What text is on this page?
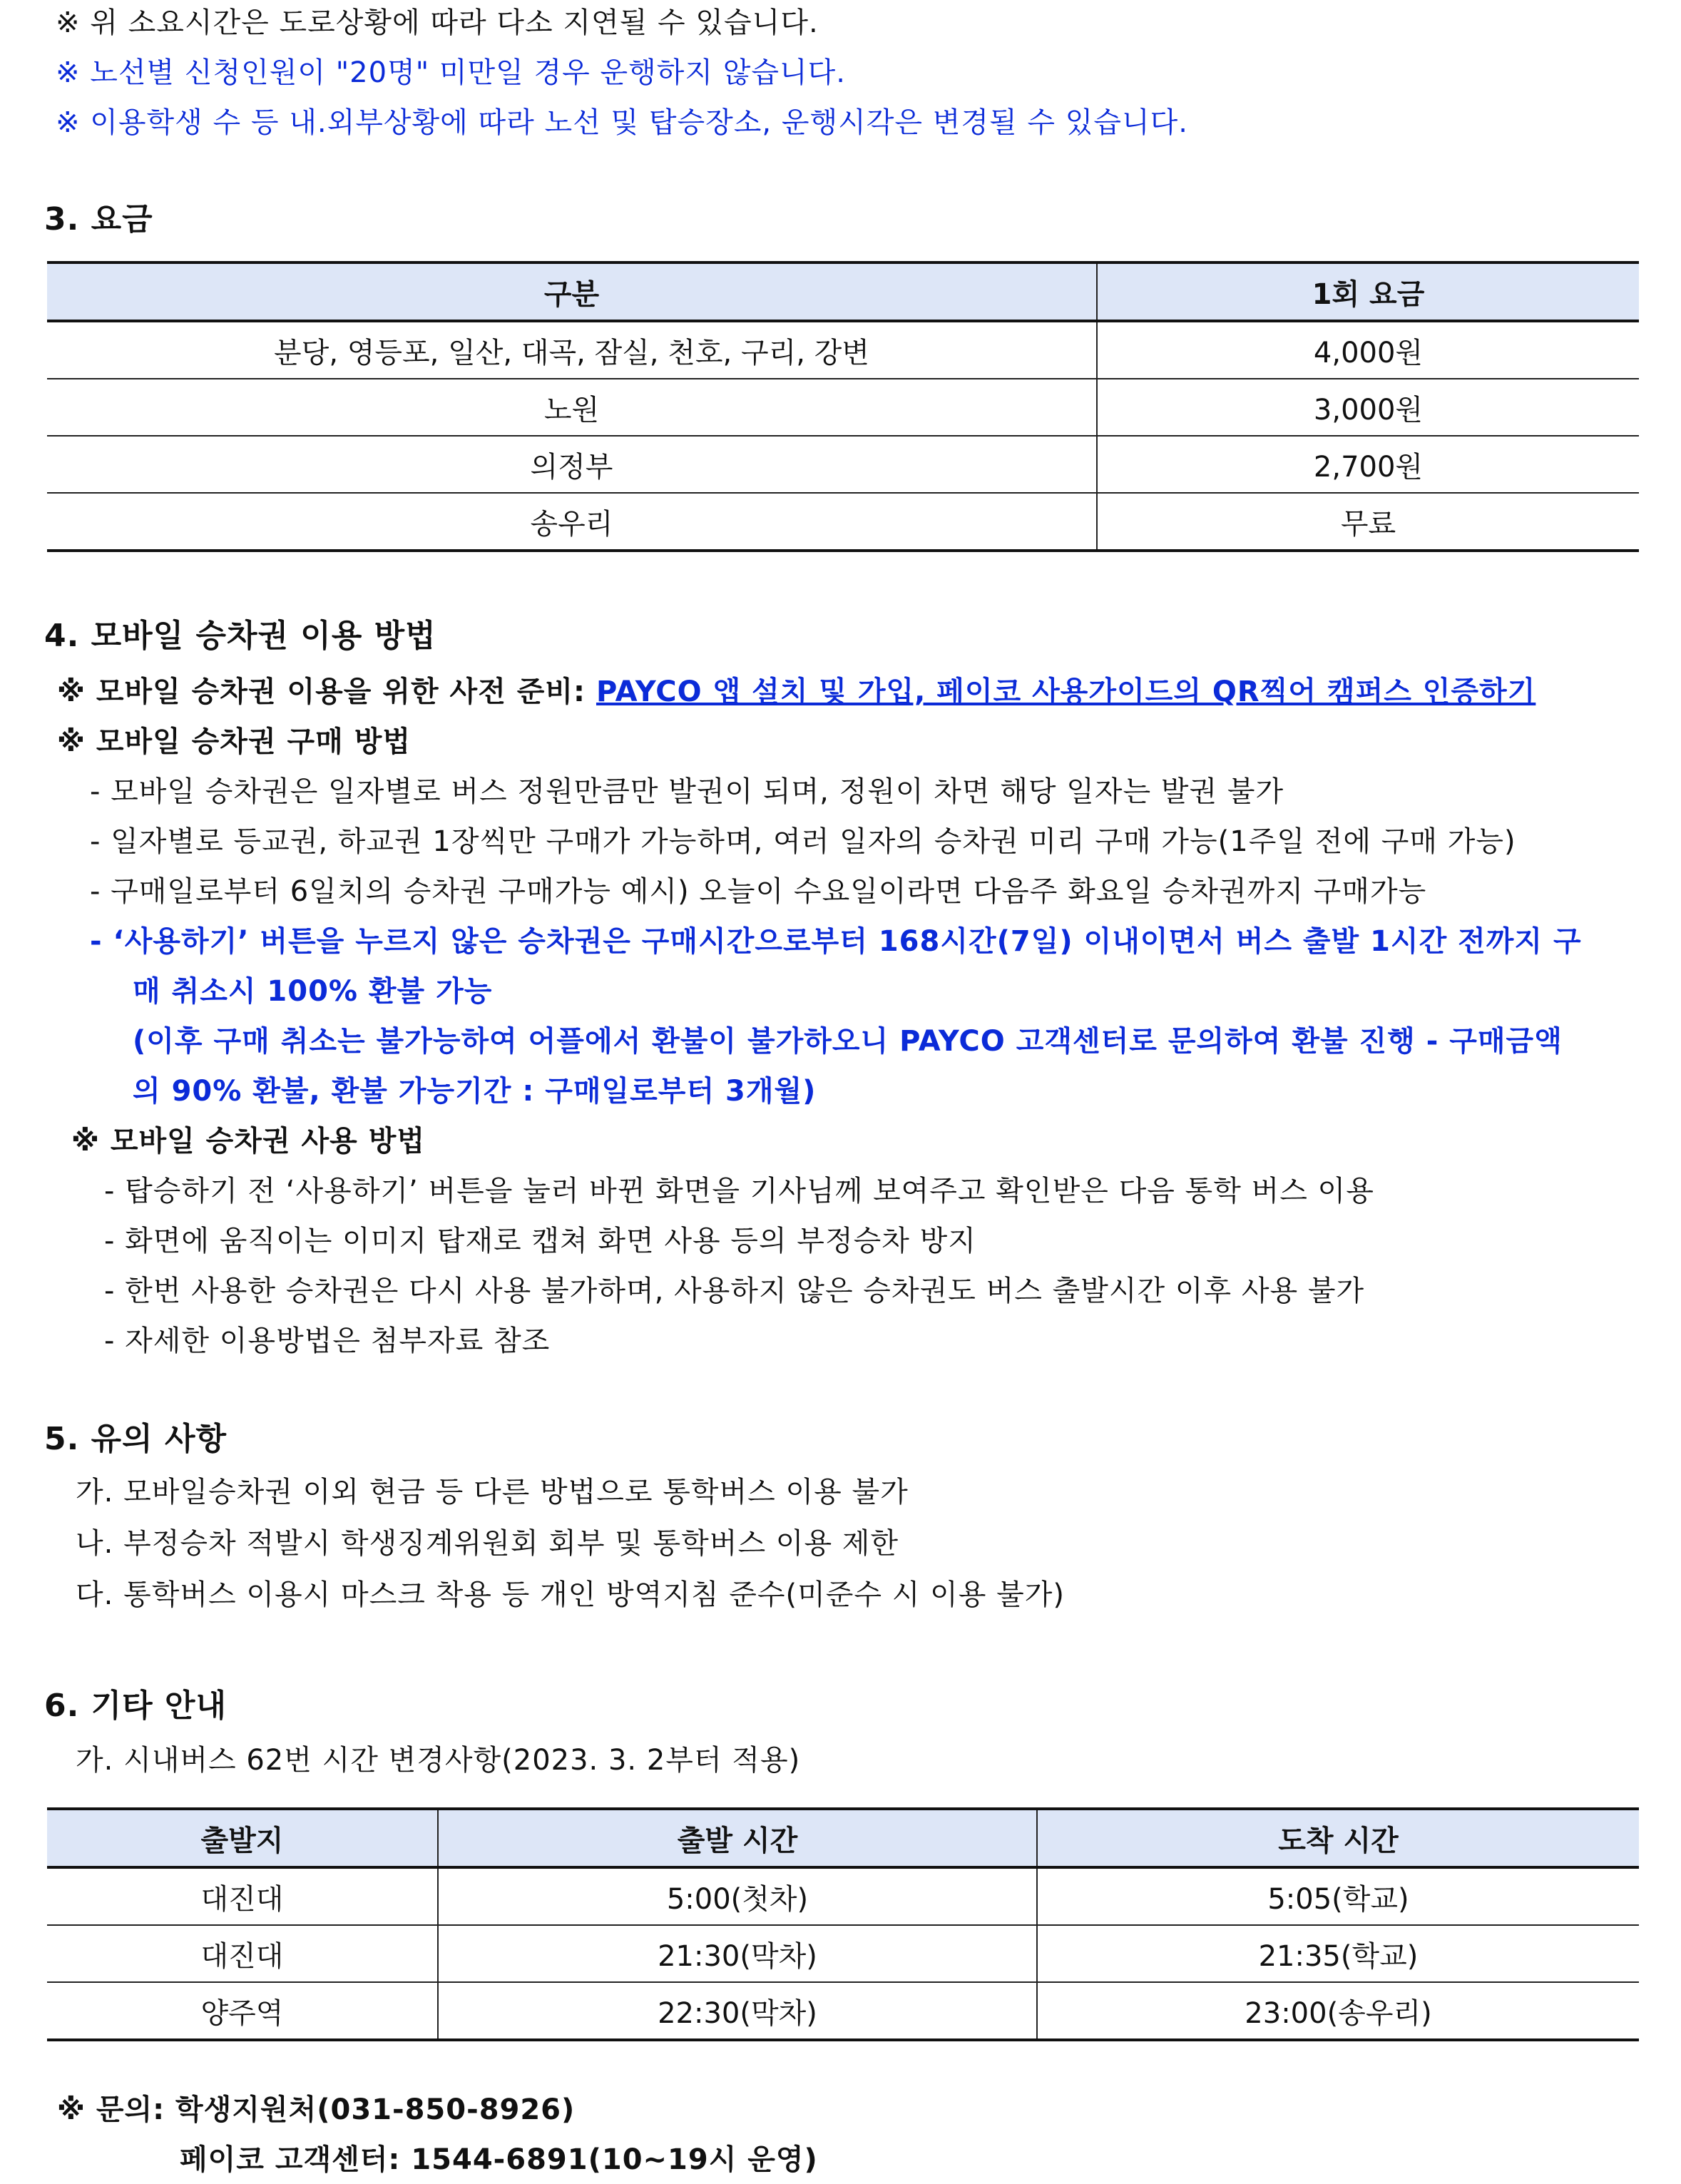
※ 위 소요시간은 도로상황에 따라 다소 지연될 수 있습니다.
※ 노선별 신청인원이 "20명" 미만일 경우 운행하지 않습니다.
※ 이용학생 수 등 내.외부상황에 따라 노선 및 탑승장소, 운행시각은 변경될 수 있습니다.
3. 요금
구분	1회 요금
분당, 영등포, 일산, 대곡, 잠실, 천호, 구리, 강변	4,000원
노원	3,000원
의정부	2,700원
송우리	무료
4. 모바일 승차권 이용 방법
※ 모바일 승차권 이용을 위한 사전 준비: PAYCO 앱 설치 및 가입, 페이코 사용가이드의 QR찍어 캠퍼스 인증하기
※ 모바일 승차권 구매 방법
- 모바일 승차권은 일자별로 버스 정원만큼만 발권이 되며, 정원이 차면 해당 일자는 발권 불가
- 일자별로 등교권, 하교권 1장씩만 구매가 가능하며, 여러 일자의 승차권 미리 구매 가능(1주일 전에 구매 가능)
- 구매일로부터 6일치의 승차권 구매가능 예시) 오늘이 수요일이라면 다음주 화요일 승차권까지 구매가능
- ‘사용하기’ 버튼을 누르지 않은 승차권은 구매시간으로부터 168시간(7일) 이내이면서 버스 출발 1시간 전까지 구
매 취소시 100% 환불 가능
(이후 구매 취소는 불가능하여 어플에서 환불이 불가하오니 PAYCO 고객센터로 문의하여 환불 진행 - 구매금액
의 90% 환불, 환불 가능기간 : 구매일로부터 3개월)
※ 모바일 승차권 사용 방법
- 탑승하기 전 ‘사용하기’ 버튼을 눌러 바뀐 화면을 기사님께 보여주고 확인받은 다음 통학 버스 이용
- 화면에 움직이는 이미지 탑재로 캡쳐 화면 사용 등의 부정승차 방지
- 한번 사용한 승차권은 다시 사용 불가하며, 사용하지 않은 승차권도 버스 출발시간 이후 사용 불가
- 자세한 이용방법은 첨부자료 참조
5. 유의 사항
가. 모바일승차권 이외 현금 등 다른 방법으로 통학버스 이용 불가
나. 부정승차 적발시 학생징계위원회 회부 및 통학버스 이용 제한
다. 통학버스 이용시 마스크 착용 등 개인 방역지침 준수(미준수 시 이용 불가)
6. 기타 안내
가. 시내버스 62번 시간 변경사항(2023. 3. 2부터 적용)
출발지	출발 시간	도착 시간
대진대	5:00(첫차)	5:05(학교)
대진대	21:30(막차)	21:35(학교)
양주역	22:30(막차)	23:00(송우리)
※ 문의: 학생지원처(031-850-8926)
페이코 고객센터: 1544-6891(10~19시 운영)
